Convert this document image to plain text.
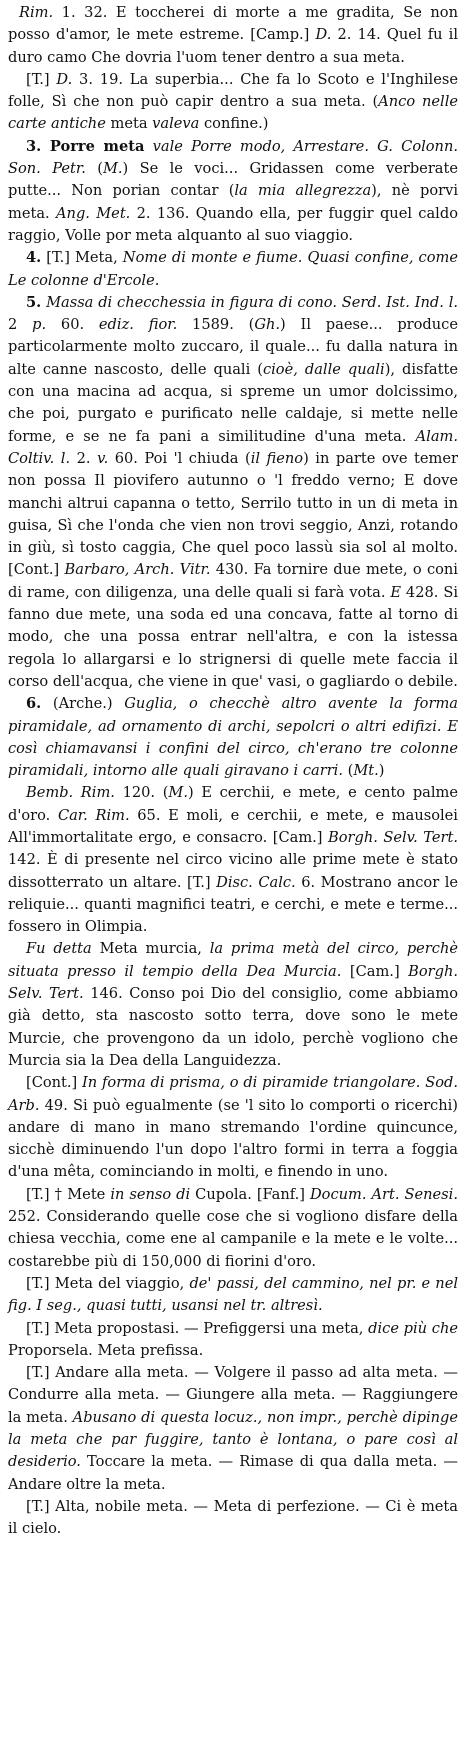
Rim. 1. 32. E toccherei di morte a me gradita, Se non posso d'amor, le mete estreme. [Camp.] D. 2. 14. Quel fu il duro camo Che dovria l'uom tener dentro a sua meta.

[T.] D. 3. 19. La superbia... Che fa lo Scoto e l'Inghilese folle, Sì che non può capir dentro a sua meta. (Anco nelle carte antiche meta valeva confine.)

3. Porre meta vale Porre modo, Arrestare. G. Colonn. Son. Petr. (M.) Se le voci... Gridassen come verberate putte... Non porian contar (la mia allegrezza), nè porvi meta. Ang. Met. 2. 136. Quando ella, per fuggir quel caldo raggio, Volle por meta alquanto al suo viaggio.

4. [T.] Meta, Nome di monte e fiume. Quasi confine, come Le colonne d'Ercole.

5. Massa di checchessia in figura di cono. Serd. Ist. Ind. l. 2 p. 60. ediz. fior. 1589. (Gh.) Il paese... produce particolarmente molto zuccaro, il quale... fu dalla natura in alte canne nascosto, delle quali (cioè, dalle quali), disfatte con una macina ad acqua, si spreme un umor dolcissimo, che poi, purgato e purificato nelle caldaje, si mette nelle forme, e se ne fa pani a similitudine d'una meta. Alam. Coltiv. l. 2. v. 60. Poi 'l chiuda (il fieno) in parte ove temer non possa Il piovifero autunno o 'l freddo verno; E dove manchi altrui capanna o tetto, Serrilo tutto in un di meta in guisa, Sì che l'onda che vien non trovi seggio, Anzi, rotando in giù, sì tosto caggia, Che quel poco lassù sia sol al molto. [Cont.] Barbaro, Arch. Vitr. 430. Fa tornire due mete, o coni di rame, con diligenza, una delle quali si farà vota. E 428. Si fanno due mete, una soda ed una concava, fatte al torno di modo, che una possa entrar nell'altra, e con la istessa regola lo allargarsi e lo strignersi di quelle mete faccia il corso dell'acqua, che viene in que' vasi, o gagliardo o debile.

6. (Arche.) Guglia, o checchè altro avente la forma piramidale, ad ornamento di archi, sepolcri o altri edifizi. E così chiamavansi i confini del circo, ch'erano tre colonne piramidali, intorno alle quali giravano i carri. (Mt.)

Bemb. Rim. 120. (M.) E cerchii, e mete, e cento palme d'oro. Car. Rim. 65. E moli, e cerchii, e mete, e mausolei All'immortalitate ergo, e consacro. [Cam.] Borgh. Selv. Tert. 142. È di presente nel circo vicino alle prime mete è stato dissotterrato un altare. [T.] Disc. Calc. 6. Mostrano ancor le reliquie... quanti magnifici teatri, e cerchi, e mete e terme... fossero in Olimpia.

Fu detta Meta murcia, la prima metà del circo, perchè situata presso il tempio della Dea Murcia. [Cam.] Borgh. Selv. Tert. 146. Conso poi Dio del consiglio, come abbiamo già detto, sta nascosto sotto terra, dove sono le mete Murcie, che provengono da un idolo, perchè vogliono che Murcia sia la Dea della Languidezza.

[Cont.] In forma di prisma, o di piramide triangolare. Sod. Arb. 49. Si può egualmente (se 'l sito lo comporti o ricerchi) andare di mano in mano stremando l'ordine quincunce, sicchè diminuendo l'un dopo l'altro formi in terra a foggia d'una mêta, cominciando in molti, e finendo in uno.

[T.] † Mete in senso di Cupola. [Fanf.] Docum. Art. Senesi. 252. Considerando quelle cose che si vogliono disfare della chiesa vecchia, come ene al campanile e la mete e le volte... costarebbe più di 150,000 di fiorini d'oro.

[T.] Meta del viaggio, de' passi, del cammino, nel pr. e nel fig. I seg., quasi tutti, usansi nel tr. altresì.

[T.] Meta propostasi. — Prefiggersi una meta, dice più che Proporsela. Meta prefissa.

[T.] Andare alla meta. — Volgere il passo ad alta meta. — Condurre alla meta. — Giungere alla meta. — Raggiungere la meta. Abusano di questa locuz., non impr., perchè dipinge la meta che par fuggire, tanto è lontana, o pare così al desiderio. Toccare la meta. — Rimase di qua dalla meta. — Andare oltre la meta.

[T.] Alta, nobile meta. — Meta di perfezione. — Ci è meta il cielo.
